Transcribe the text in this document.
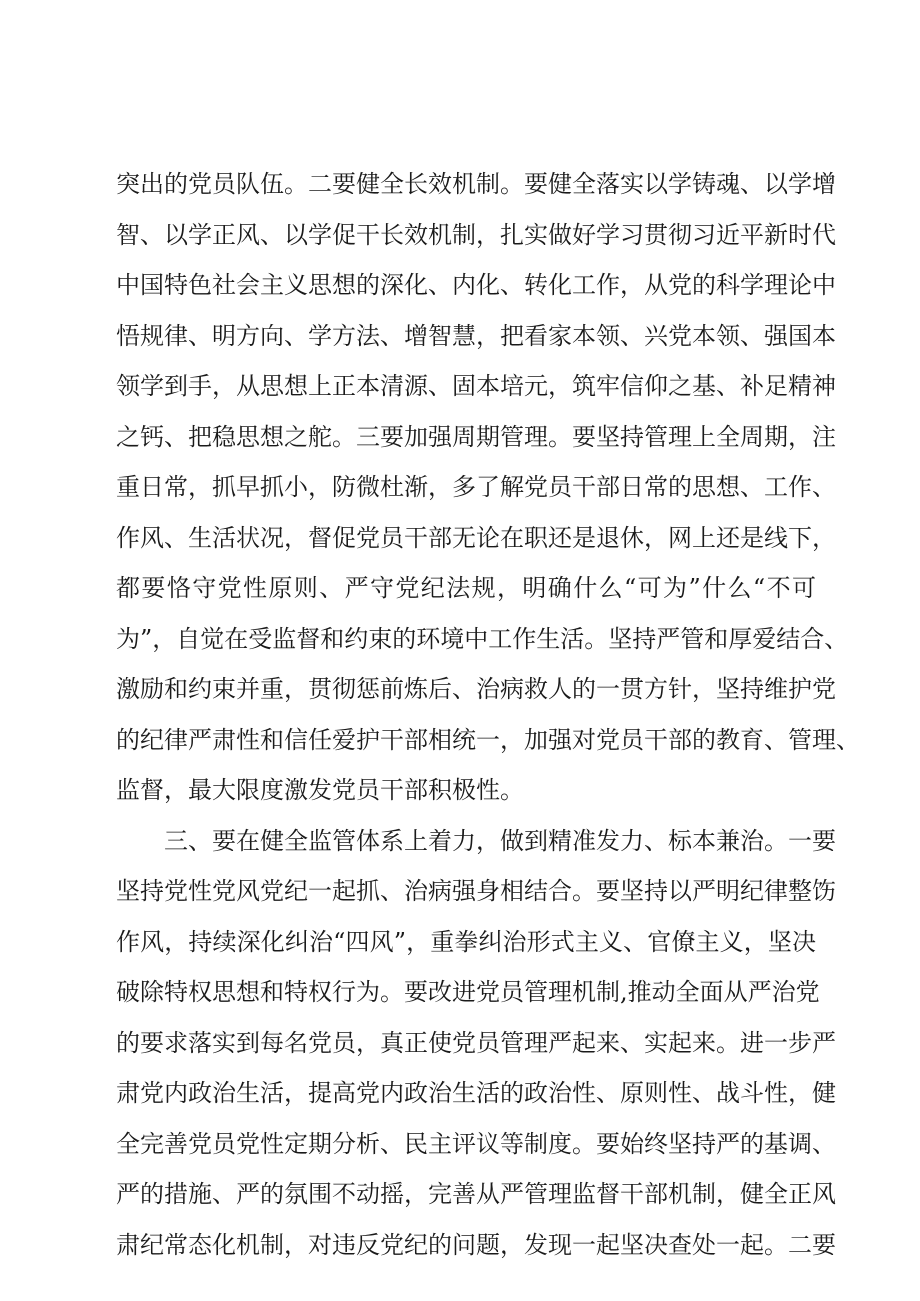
突出的党员队伍。二要健全长效机制。要健全落实以学铸魂、以学增
智、以学正风、以学促干长效机制，扎实做好学习贯彻习近平新时代
中国特色社会主义思想的深化、内化、转化工作，从党的科学理论中
悟规律、明方向、学方法、增智慧，把看家本领、兴党本领、强国本
领学到手，从思想上正本清源、固本培元，筑牢信仰之基、补足精神
之钙、把稳思想之舵。三要加强周期管理。要坚持管理上全周期，注
重日常，抓早抓小，防微杜渐，多了解党员干部日常的思想、工作、
作风、生活状况，督促党员干部无论在职还是退休，网上还是线下，
都要恪守党性原则、严守党纪法规，明确什么“可为”什么“不可
为”，自觉在受监督和约束的环境中工作生活。坚持严管和厚爱结合、
激励和约束并重，贯彻惩前炼后、治病救人的一贯方针，坚持维护党
的纪律严肃性和信任爱护干部相统一，加强对党员干部的教育、管理、
监督，最大限度激发党员干部积极性。
三、要在健全监管体系上着力，做到精准发力、标本兼治。一要
坚持党性党风党纪一起抓、治病强身相结合。要坚持以严明纪律整饬
作风，持续深化纠治“四风”，重拳纠治形式主义、官僚主义，坚决
破除特权思想和特权行为。要改进党员管理机制,推动全面从严治党
的要求落实到每名党员，真正使党员管理严起来、实起来。进一步严
肃党内政治生活，提高党内政治生活的政治性、原则性、战斗性，健
全完善党员党性定期分析、民主评议等制度。要始终坚持严的基调、
严的措施、严的氛围不动摇，完善从严管理监督干部机制，健全正风
肃纪常态化机制，对违反党纪的问题，发现一起坚决查处一起。二要
